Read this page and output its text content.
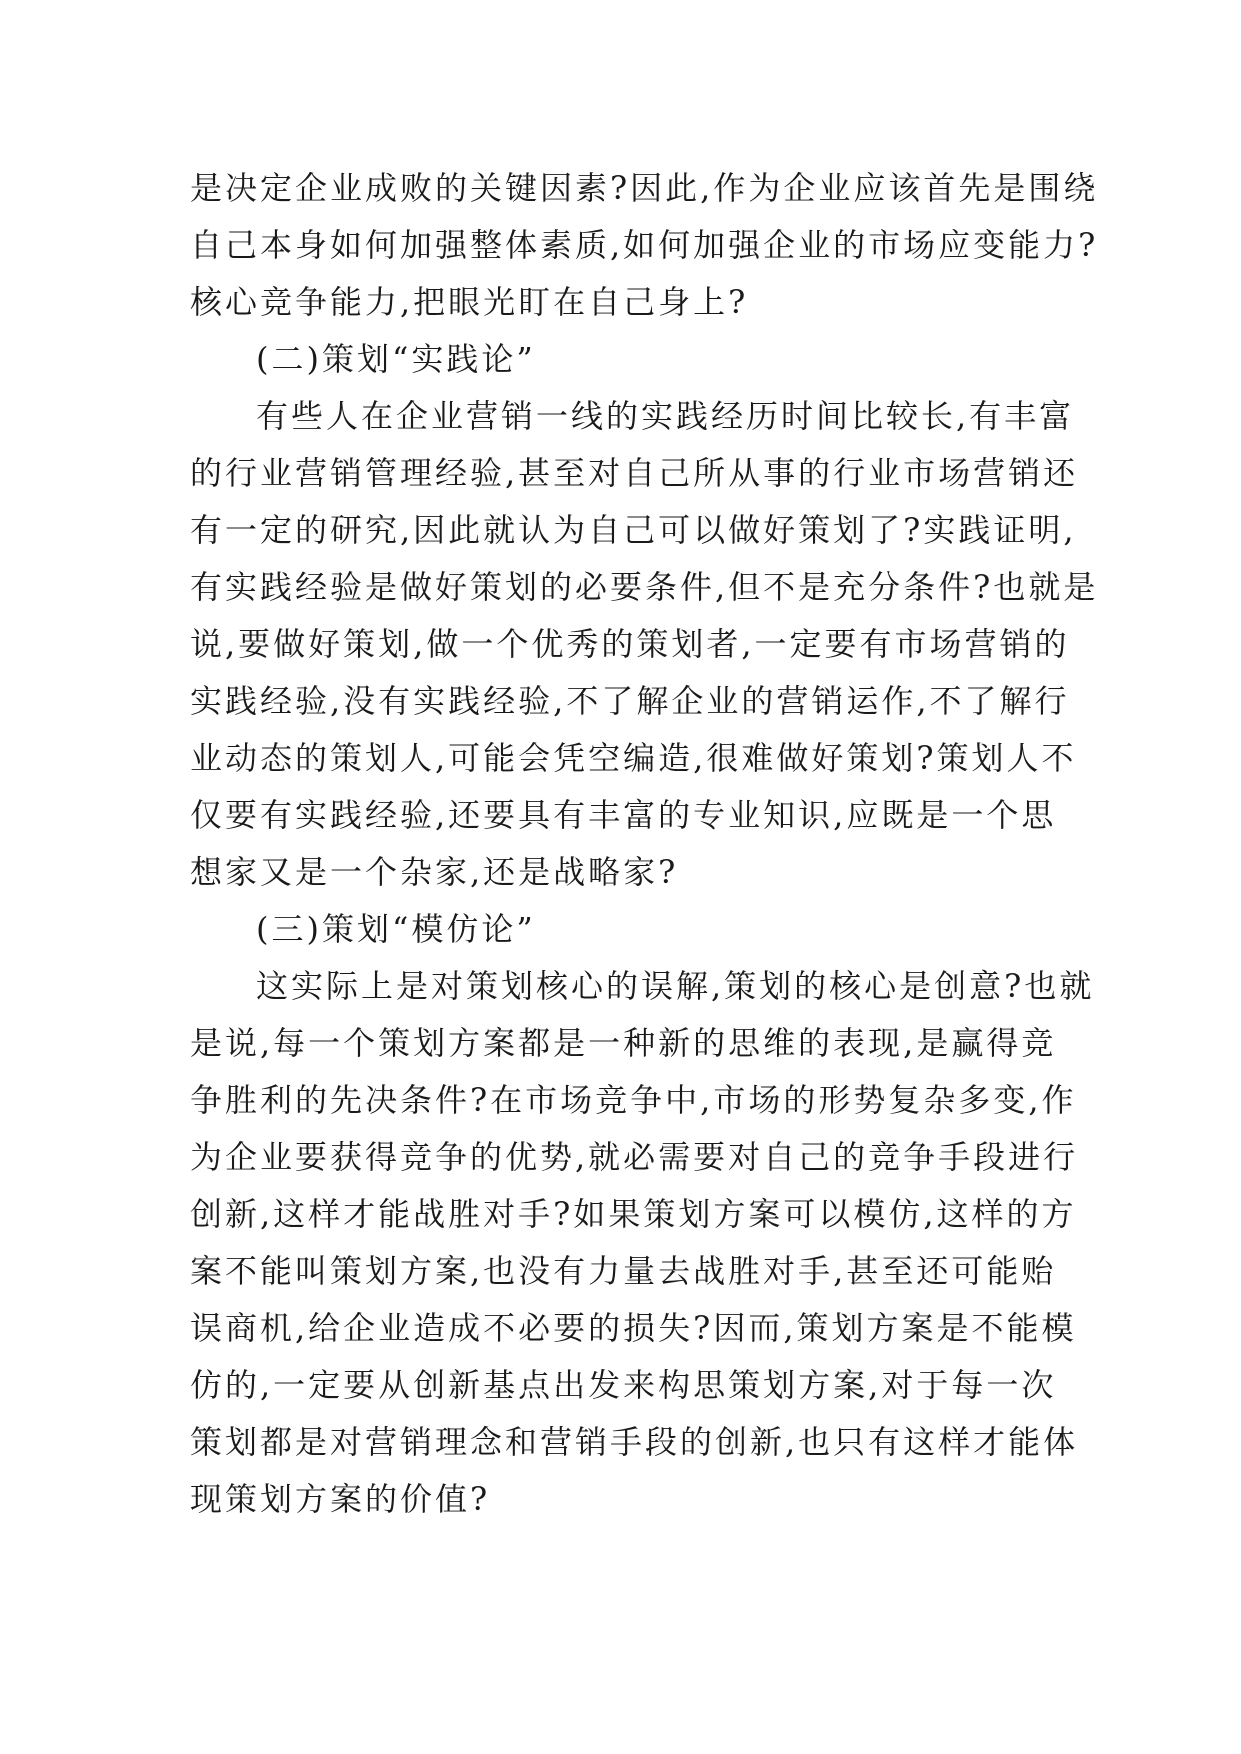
是决定企业成败的关键因素?因此,作为企业应该首先是围绕
自己本身如何加强整体素质,如何加强企业的市场应变能力?
核心竞争能力,把眼光盯在自己身上?
(二)策划“实践论”
有些人在企业营销一线的实践经历时间比较长,有丰富
的行业营销管理经验,甚至对自己所从事的行业市场营销还
有一定的研究,因此就认为自己可以做好策划了?实践证明,
有实践经验是做好策划的必要条件,但不是充分条件?也就是
说,要做好策划,做一个优秀的策划者,一定要有市场营销的
实践经验,没有实践经验,不了解企业的营销运作,不了解行
业动态的策划人,可能会凭空编造,很难做好策划?策划人不
仅要有实践经验,还要具有丰富的专业知识,应既是一个思
想家又是一个杂家,还是战略家?
(三)策划“模仿论”
这实际上是对策划核心的误解,策划的核心是创意?也就
是说,每一个策划方案都是一种新的思维的表现,是赢得竞
争胜利的先决条件?在市场竞争中,市场的形势复杂多变,作
为企业要获得竞争的优势,就必需要对自己的竞争手段进行
创新,这样才能战胜对手?如果策划方案可以模仿,这样的方
案不能叫策划方案,也没有力量去战胜对手,甚至还可能贻
误商机,给企业造成不必要的损失?因而,策划方案是不能模
仿的,一定要从创新基点出发来构思策划方案,对于每一次
策划都是对营销理念和营销手段的创新,也只有这样才能体
现策划方案的价值?
